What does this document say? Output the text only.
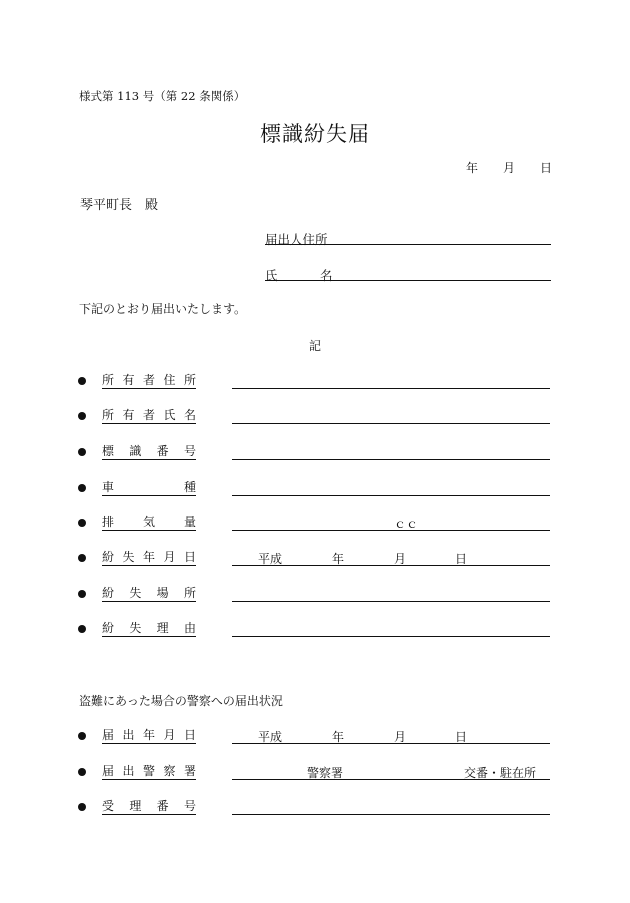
様式第 113 号（第 22 条関係）
標識紛失届
年 月 日
琴平町長　殿
届出人住所
氏	名
下記のとおり届出いたします。
記
所 有 者 住 所
所 有 者 氏 名
標 識 番 号
車	種
排 気 量	ｃｃ
紛 失 年 月 日	平成	年	月	日
紛 失 場 所
紛 失 理 由
盗難にあった場合の警察への届出状況
届 出 年 月 日	平成	年	月	日
届 出 警 察 署	警察署	交番・駐在所
受 理 番 号
